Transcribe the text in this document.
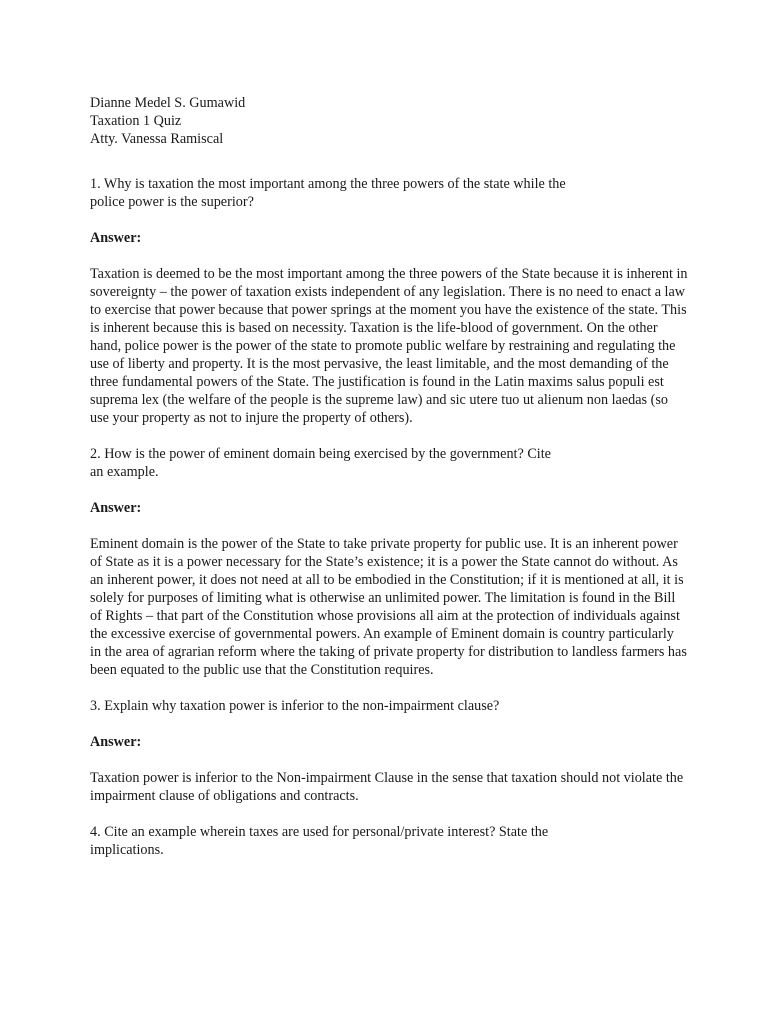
Dianne Medel S. Gumawid
Taxation 1 Quiz
Atty. Vanessa Ramiscal

1. Why is taxation the most important among the three powers of the state while the
police power is the superior?

Answer:

Taxation is deemed to be the most important among the three powers of the State because it is inherent in sovereignty – the power of taxation exists independent of any legislation. There is no need to enact a law to exercise that power because that power springs at the moment you have the existence of the state. This is inherent because this is based on necessity. Taxation is the life-blood of government. On the other hand, police power is the power of the state to promote public welfare by restraining and regulating the use of liberty and property. It is the most pervasive, the least limitable, and the most demanding of the three fundamental powers of the State. The justification is found in the Latin maxims salus populi est suprema lex (the welfare of the people is the supreme law) and sic utere tuo ut alienum non laedas (so use your property as not to injure the property of others).

2. How is the power of eminent domain being exercised by the government? Cite
an example.

Answer:

Eminent domain is the power of the State to take private property for public use. It is an inherent power of State as it is a power necessary for the State’s existence; it is a power the State cannot do without. As an inherent power, it does not need at all to be embodied in the Constitution; if it is mentioned at all, it is solely for purposes of limiting what is otherwise an unlimited power. The limitation is found in the Bill of Rights – that part of the Constitution whose provisions all aim at the protection of individuals against the excessive exercise of governmental powers. An example of Eminent domain is country particularly in the area of agrarian reform where the taking of private property for distribution to landless farmers has been equated to the public use that the Constitution requires.

3. Explain why taxation power is inferior to the non-impairment clause?

Answer:

Taxation power is inferior to the Non-impairment Clause in the sense that taxation should not violate the impairment clause of obligations and contracts.

4. Cite an example wherein taxes are used for personal/private interest? State the
implications.
